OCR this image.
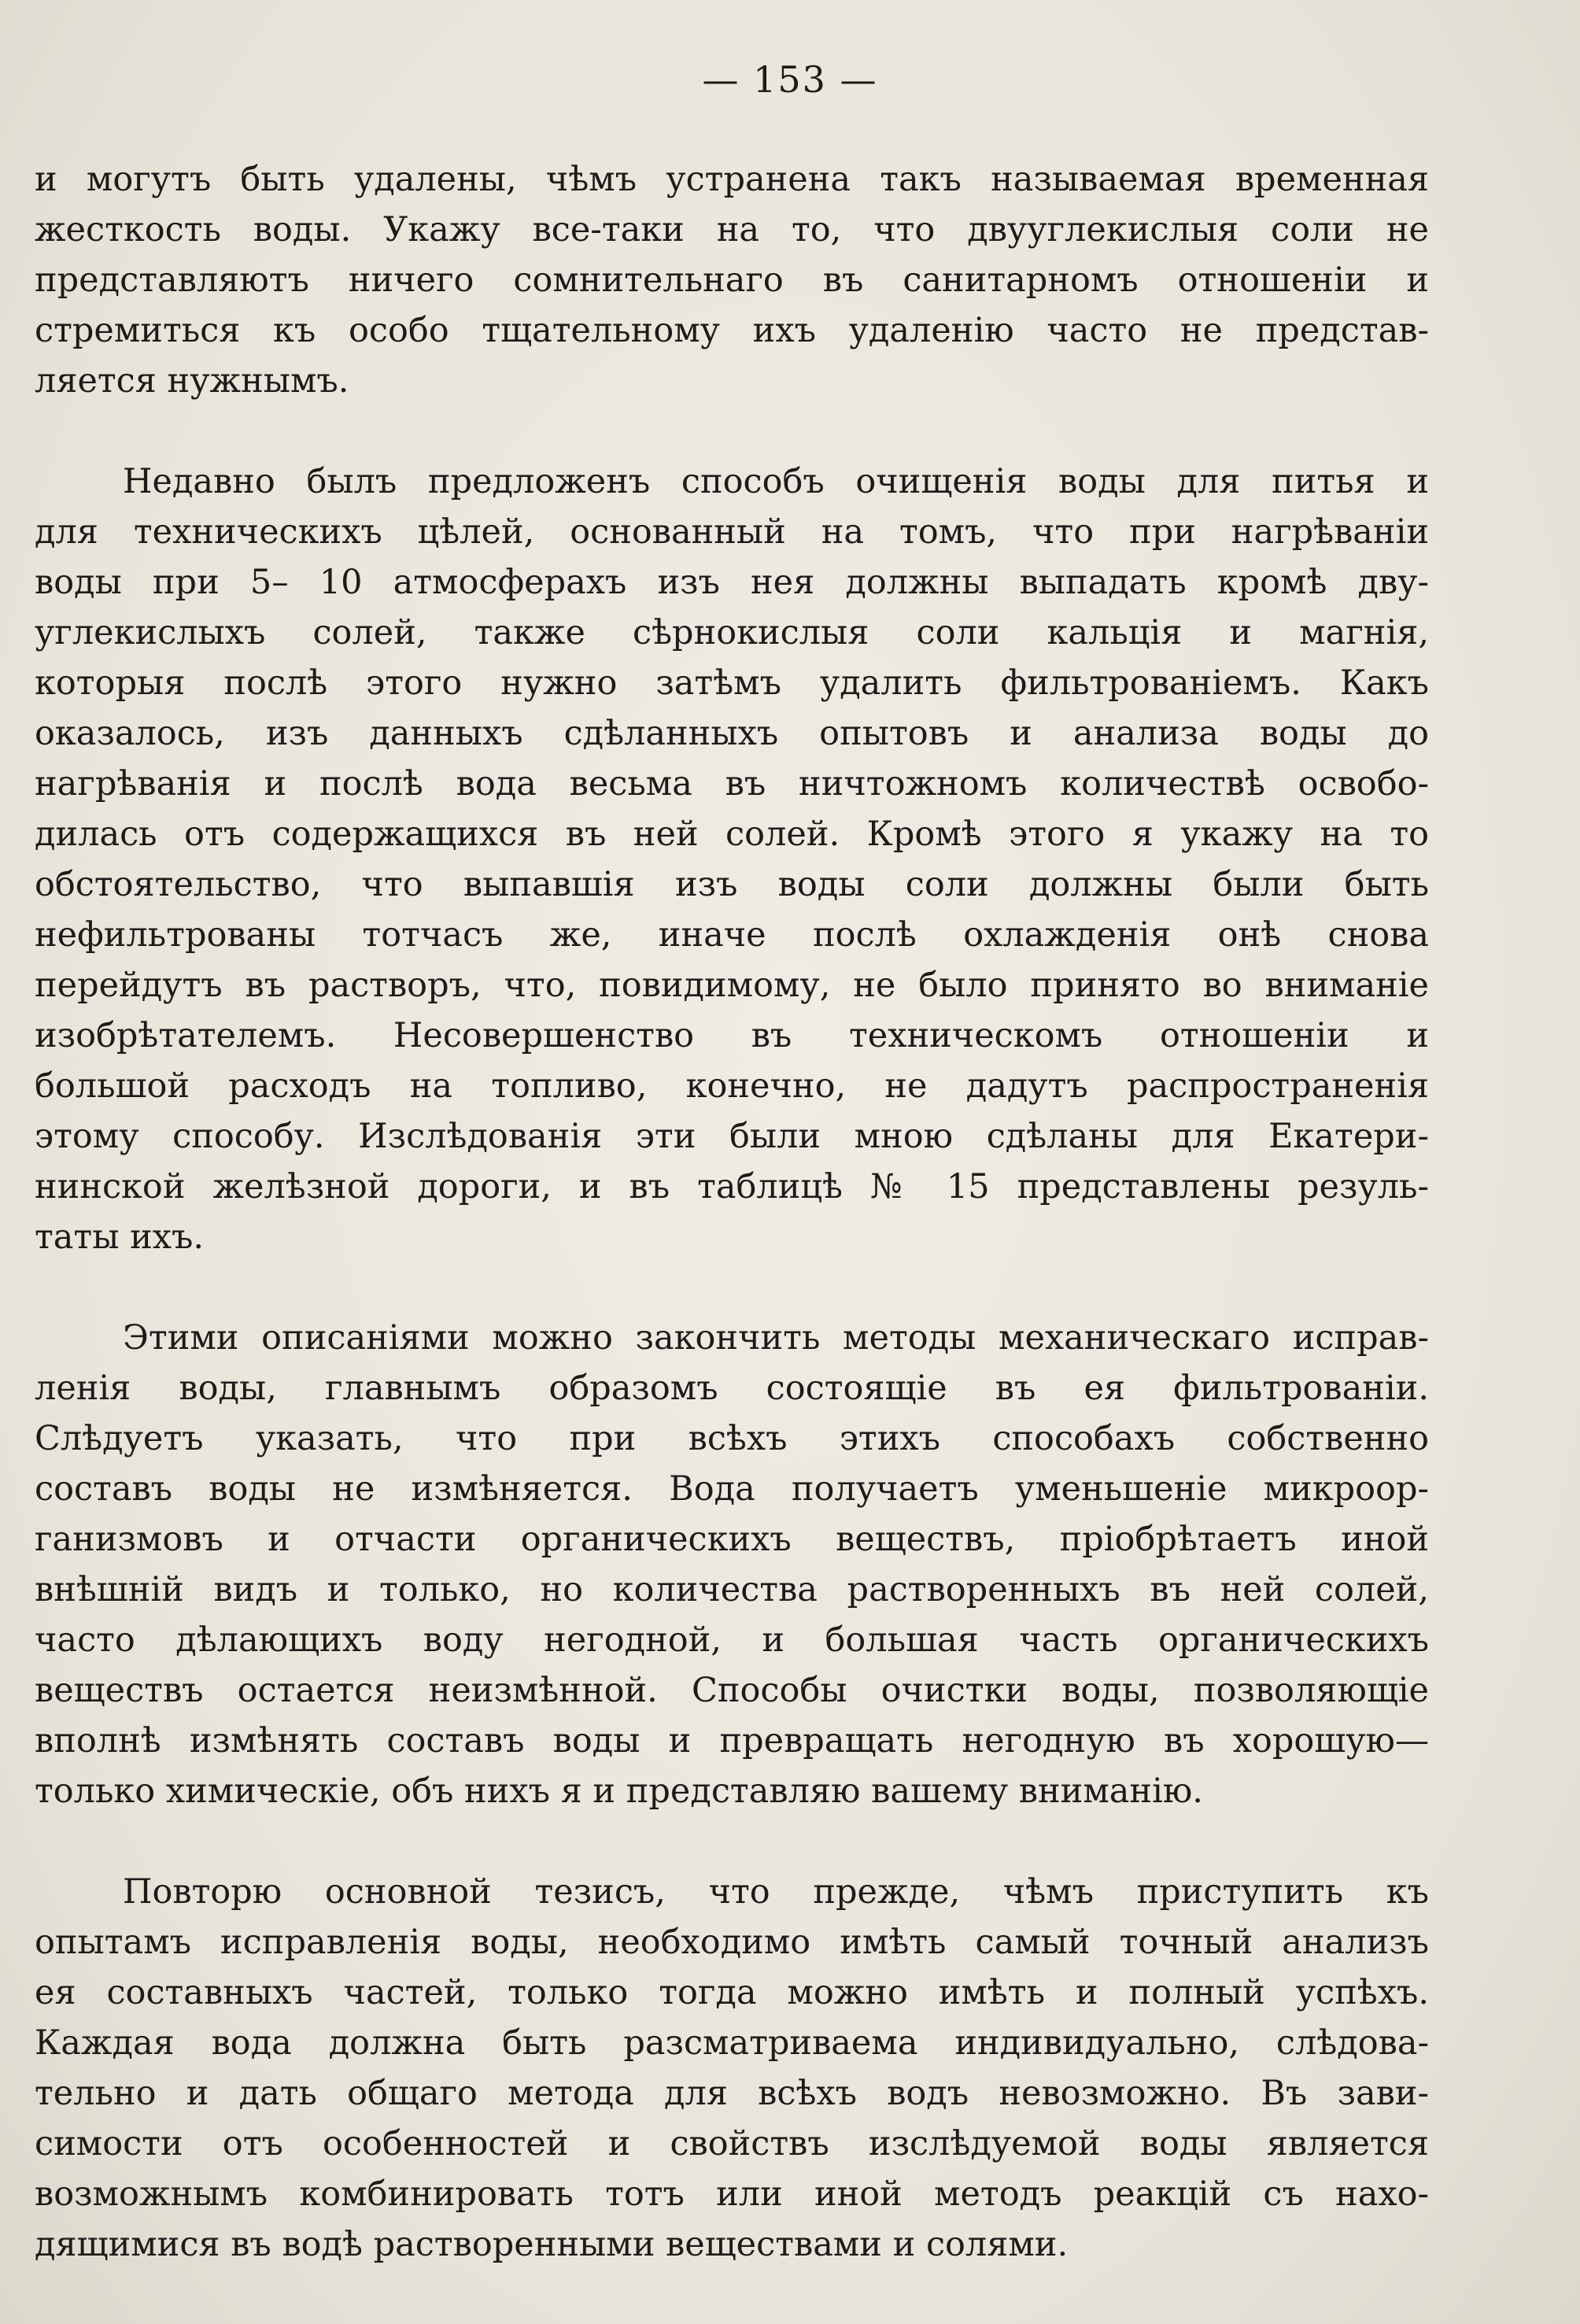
— 153 —
и могутъ быть удалены, чѣмъ устранена такъ называемая временная
жесткость воды. Укажу все-таки на то, что двууглекислыя соли не
представляютъ ничего сомнительнаго въ санитарномъ отношеніи и
стремиться къ особо тщательному ихъ удаленію часто не представ-
ляется нужнымъ.
Недавно былъ предложенъ способъ очищенія воды для питья и
для техническихъ цѣлей, основанный на томъ, что при нагрѣваніи
воды при 5– 10 атмосферахъ изъ нея должны выпадать кромѣ дву-
углекислыхъ солей, также сѣрнокислыя соли кальція и магнія,
которыя послѣ этого нужно затѣмъ удалить фильтрованіемъ. Какъ
оказалось, изъ данныхъ сдѣланныхъ опытовъ и анализа воды до
нагрѣванія и послѣ вода весьма въ ничтожномъ количествѣ освобо-
дилась отъ содержащихся въ ней солей. Кромѣ этого я укажу на то
обстоятельство, что выпавшія изъ воды соли должны были быть
нефильтрованы тотчасъ же, иначе послѣ охлажденія онѣ снова
перейдутъ въ растворъ, что, повидимому, не было принято во вниманіе
изобрѣтателемъ. Несовершенство въ техническомъ отношеніи и
большой расходъ на топливо, конечно, не дадутъ распространенія
этому способу. Изслѣдованія эти были мною сдѣланы для Екатери-
нинской желѣзной дороги, и въ таблицѣ № 15 представлены резуль-
таты ихъ.
Этими описаніями можно закончить методы механическаго исправ-
ленія воды, главнымъ образомъ состоящіе въ ея фильтрованіи.
Слѣдуетъ указать, что при всѣхъ этихъ способахъ собственно
составъ воды не измѣняется. Вода получаетъ уменьшеніе микроор-
ганизмовъ и отчасти органическихъ веществъ, пріобрѣтаетъ иной
внѣшній видъ и только, но количества растворенныхъ въ ней солей,
часто дѣлающихъ воду негодной, и большая часть органическихъ
веществъ остается неизмѣнной. Способы очистки воды, позволяющіе
вполнѣ измѣнять составъ воды и превращать негодную въ хорошую—
только химическіе, объ нихъ я и представляю вашему вниманію.
Повторю основной тезисъ, что прежде, чѣмъ приступить къ
опытамъ исправленія воды, необходимо имѣть самый точный анализъ
ея составныхъ частей, только тогда можно имѣть и полный успѣхъ.
Каждая вода должна быть разсматриваема индивидуально, слѣдова-
тельно и дать общаго метода для всѣхъ водъ невозможно. Въ зави-
симости отъ особенностей и свойствъ изслѣдуемой воды является
возможнымъ комбинировать тотъ или иной методъ реакцій съ нахо-
дящимися въ водѣ растворенными веществами и солями.
